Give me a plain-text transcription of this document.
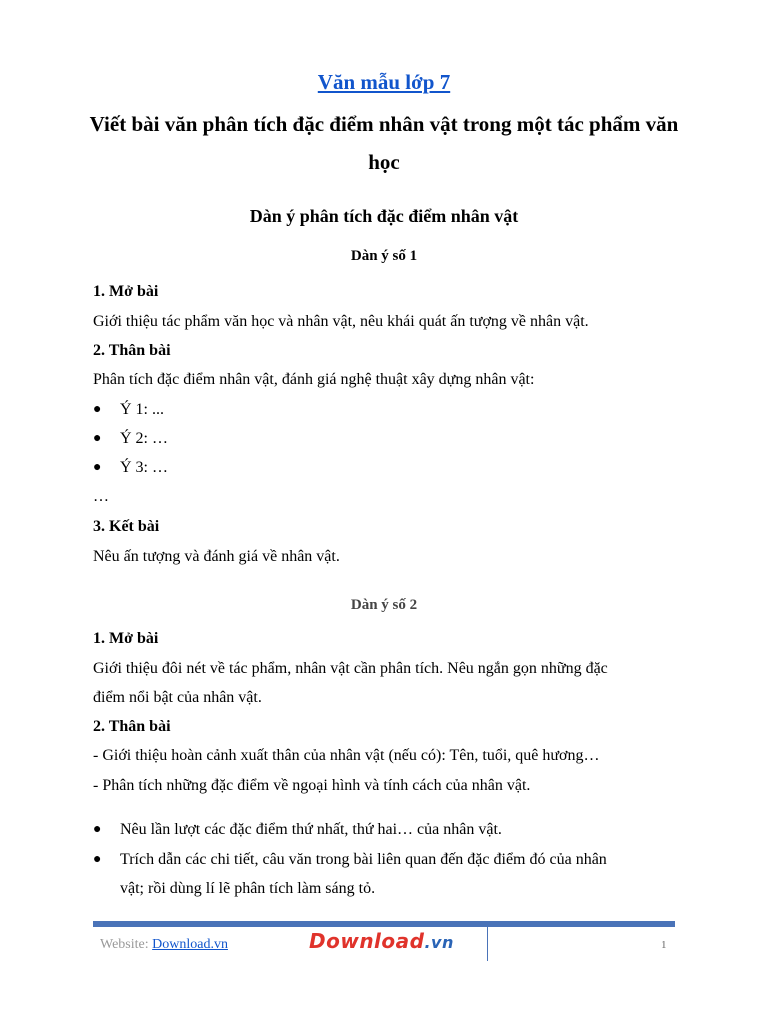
Văn mẫu lớp 7
Viết bài văn phân tích đặc điểm nhân vật trong một tác phẩm văn học
Dàn ý phân tích đặc điểm nhân vật
Dàn ý số 1
1. Mở bài
Giới thiệu tác phẩm văn học và nhân vật, nêu khái quát ấn tượng về nhân vật.
2. Thân bài
Phân tích đặc điểm nhân vật, đánh giá nghệ thuật xây dựng nhân vật:
●	Ý 1: ...
●	Ý 2: …
●	Ý 3: …
…
3. Kết bài
Nêu ấn tượng và đánh giá về nhân vật.
Dàn ý số 2
1. Mở bài
Giới thiệu đôi nét về tác phẩm, nhân vật cần phân tích. Nêu ngắn gọn những đặc
điểm nổi bật của nhân vật.
2. Thân bài
- Giới thiệu hoàn cảnh xuất thân của nhân vật (nếu có): Tên, tuổi, quê hương…
- Phân tích những đặc điểm về ngoại hình và tính cách của nhân vật.
●	Nêu lần lượt các đặc điểm thứ nhất, thứ hai… của nhân vật.
●	Trích dẫn các chi tiết, câu văn trong bài liên quan đến đặc điểm đó của nhân
vật; rồi dùng lí lẽ phân tích làm sáng tỏ.
Website: Download.vn	Download.vn	1
